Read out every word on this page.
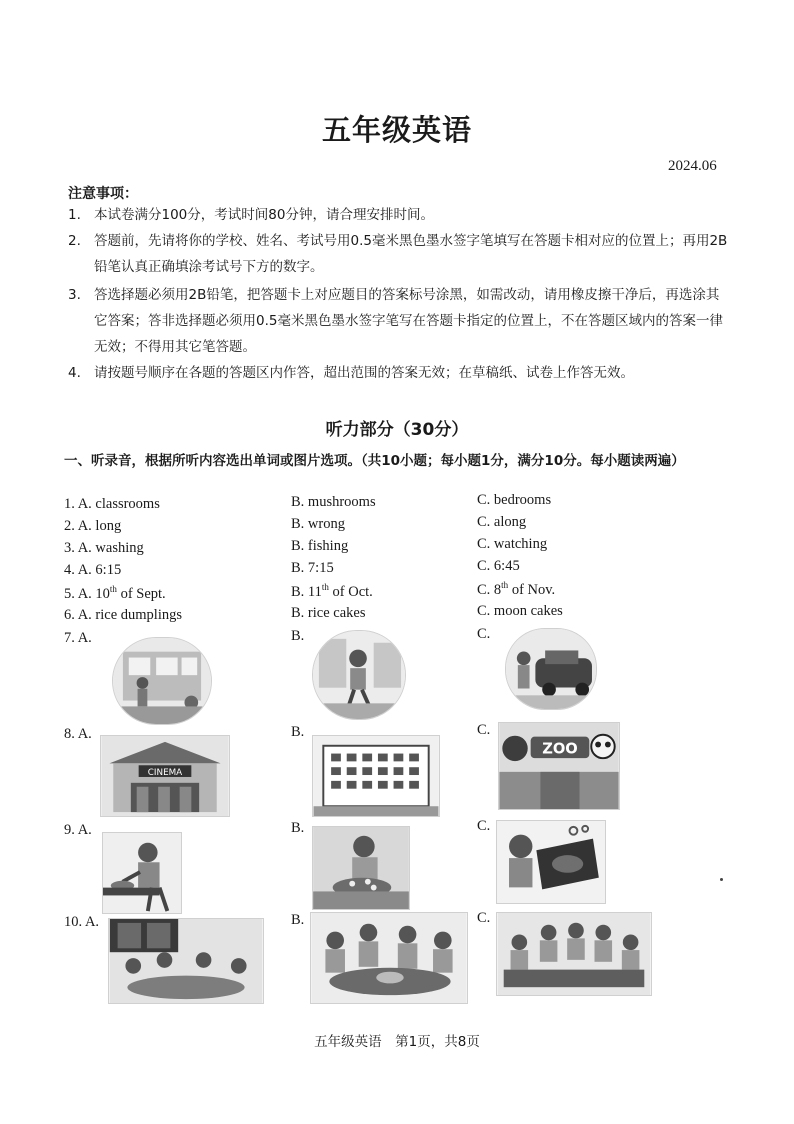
五年级英语
2024.06
注意事项：
1. 本试卷满分100分，考试时间80分钟，请合理安排时间。
2. 答题前，先请将你的学校、姓名、考试号用0.5毫米黑色墨水签字笔填写在答题卡相对应的位置上；再用2B铅笔认真正确填涂考试号下方的数字。
3. 答选择题必须用2B铅笔，把答题卡上对应题目的答案标号涂黑，如需改动，请用橡皮擦干净后，再选涂其它答案；答非选择题必须用0.5毫米黑色墨水签字笔写在答题卡指定的位置上，不在答题区域内的答案一律无效；不得用其它笔答题。
4. 请按题号顺序在各题的答题区内作答，超出范围的答案无效；在草稿纸、试卷上作答无效。
听力部分（30分）
一、听录音，根据所听内容选出单词或图片选项。（共10小题；每小题1分，满分10分。每小题读两遍）
1. A. classrooms	B. mushrooms	C. bedrooms
2. A. long	B. wrong	C. along
3. A. washing	B. fishing	C. watching
4. A. 6:15	B. 7:15	C. 6:45
5. A. 10th of Sept.	B. 11th of Oct.	C. 8th of Nov.
6. A. rice dumplings	B. rice cakes	C. moon cakes
7. A.	B.	C.
8. A.	B.	C.
CINEMA
ZOO
9. A.	B.	C.
10. A.	B.	C.
五年级英语　第1页，共8页
